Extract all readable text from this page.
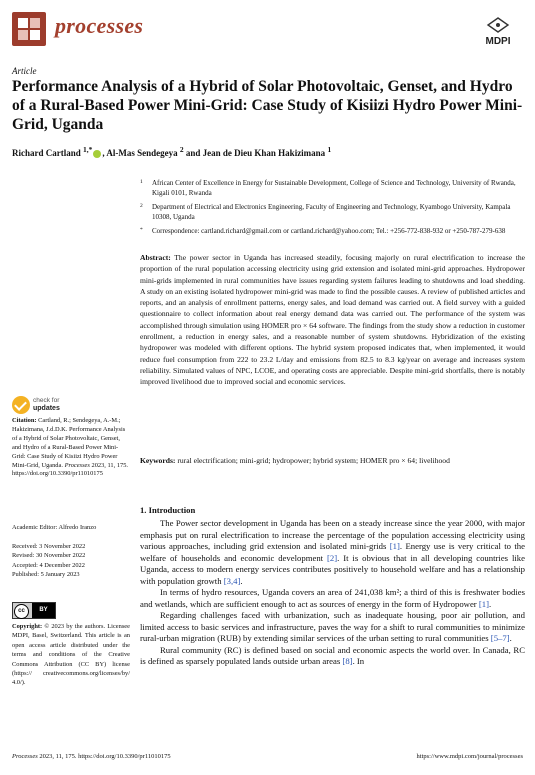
processes
MDPI
Article
Performance Analysis of a Hybrid of Solar Photovoltaic, Genset, and Hydro of a Rural-Based Power Mini-Grid: Case Study of Kisiizi Hydro Power Mini-Grid, Uganda
Richard Cartland $^{1,*}$ , Al-Mas Sendegeya $^2$ and Jean de Dieu Khan Hakizimana $^1$
1 African Center of Excellence in Energy for Sustainable Development, College of Science and Technology, University of Rwanda, Kigali 0101, Rwanda
2 Department of Electrical and Electronics Engineering, Faculty of Engineering and Technology, Kyambogo University, Kampala 10308, Uganda
* Correspondence: cartland.richard@gmail.com or cartland.richard@yahoo.com; Tel.: +256-772-838-932 or +250-787-279-638
Abstract: The power sector in Uganda has increased steadily, focusing majorly on rural electrification to increase the proportion of the rural population accessing electricity using grid extension and isolated mini-grid approaches. Hydropower mini-grids implemented in rural communities have issues regarding system failures leading to shutdowns and load shedding. A study on an existing isolated hydropower mini-grid was made to find the possible causes. A review of published articles and reports, and an analysis of enrollment patterns, energy sales, and load demand was carried out. A field survey with a guided questionnaire to collect information about real energy demand data was carried out. The performance of the system was accomplished through simulation using HOMER pro × 64 software. The findings from the study show a reduction in customer enrollment, a reduction in energy sales, and a reasonable number of system shutdowns. Hybridization of the existing hydropower was modeled with different options. The hybrid system proposed indicates that, when implemented, it would reduce fuel consumption from 222 to 23.2 L/day and emissions from 82.5 to 8.3 kg/year on average and increases system reliability. Simulated values of NPC, LCOE, and operating costs are appreciable. Despite mini-grid shortfalls, there is notably improved livelihood due to improved social and economic services.
Keywords: rural electrification; mini-grid; hydropower; hybrid system; HOMER pro × 64; livelihood
check for
updates
Citation: Cartland, R.; Sendegeya, A.-M.; Hakizimana, J.d.D.K. Performance Analysis of a Hybrid of Solar Photovoltaic, Genset, and Hydro of a Rural-Based Power Mini-Grid: Case Study of Kisiizi Hydro Power Mini-Grid, Uganda. Processes 2023, 11, 175. https://doi.org/10.3390/pr11010175
Academic Editor: Alfredo Iranzo
Received: 3 November 2022
Revised: 30 November 2022
Accepted: 4 December 2022
Published: 5 January 2023
cc	BY
Copyright: © 2023 by the authors. Licensee MDPI, Basel, Switzerland. This article is an open access article distributed under the terms and conditions of the Creative Commons Attribution (CC BY) license (https:// creativecommons.org/licenses/by/ 4.0/).
1. Introduction

The Power sector development in Uganda has been on a steady increase since the year 2000, with major emphasis put on rural electrification to increase the percentage of the population accessing electricity using various approaches, including grid extension and isolated mini-grids [1]. Energy use is very critical to the welfare of households and economic development [2]. It is obvious that in all developing countries like Uganda, access to modern energy services contributes positively to household welfare and has a relationship with population growth [3,4].

In terms of hydro resources, Uganda covers an area of 241,038 km²; a third of this is freshwater bodies and wetlands, which are sufficient enough to act as sources of energy in the form of Hydropower [1].

Regarding challenges faced with urbanization, such as inadequate housing, poor air pollution, and limited access to basic services and infrastructure, paves the way for a shift to rural communities to minimize rural-urban migration (RUB) by extending similar services of the urban setting to rural communities [5–7].

Rural community (RC) is defined based on social and economic aspects the world over. In Canada, RC is defined as sparsely populated lands outside urban areas [8]. In

Processes 2023, 11, 175. https://doi.org/10.3390/pr11010175	https://www.mdpi.com/journal/processes
